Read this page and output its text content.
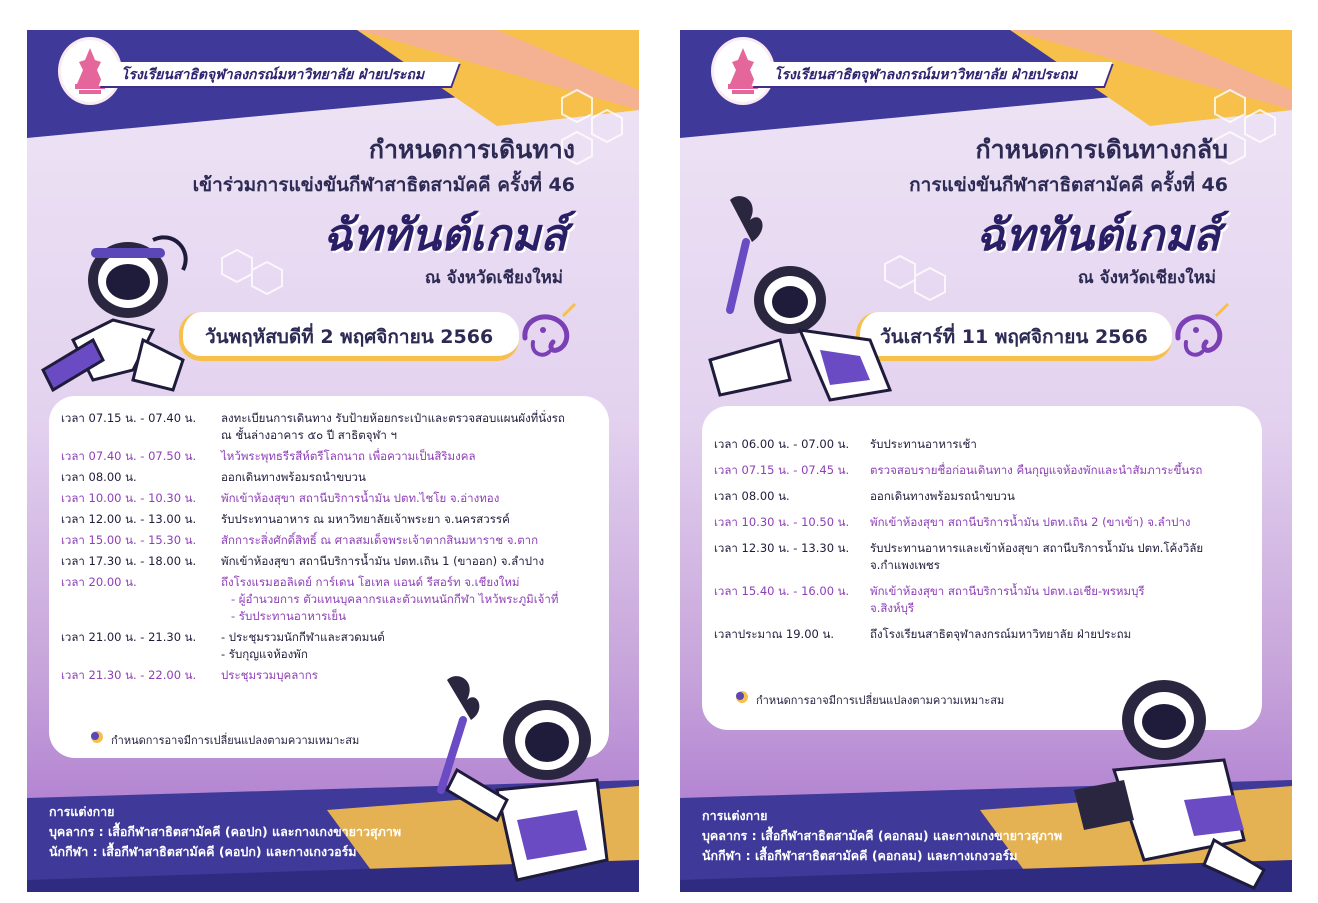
โรงเรียนสาธิตจุฬาลงกรณ์มหาวิทยาลัย ฝ่ายประถม
กำหนดการเดินทาง
เข้าร่วมการแข่งขันกีฬาสาธิตสามัคคี ครั้งที่ 46
ฉัททันต์เกมส์
ณ จังหวัดเชียงใหม่
วันพฤหัสบดีที่ 2 พฤศจิกายน 2566
เวลา 07.15 น. - 07.40 น. ลงทะเบียนการเดินทาง รับป้ายห้อยกระเป๋าและตรวจสอบแผนผังที่นั่งรถ
ณ ชั้นล่างอาคาร ๕๐ ปี สาธิตจุฬา ฯ
เวลา 07.40 น. - 07.50 น. ไหว้พระพุทธรีรสีห์ตรีโลกนาถ เพื่อความเป็นสิริมงคล
เวลา 08.00 น.	ออกเดินทางพร้อมรถนำขบวน
เวลา 10.00 น. - 10.30 น. พักเข้าห้องสุขา สถานีบริการน้ำมัน ปตท.ไชโย จ.อ่างทอง
เวลา 12.00 น. - 13.00 น. รับประทานอาหาร ณ มหาวิทยาลัยเจ้าพระยา จ.นครสวรรค์
เวลา 15.00 น. - 15.30 น. สักการะสิ่งศักดิ์สิทธิ์ ณ ศาลสมเด็จพระเจ้าตากสินมหาราช จ.ตาก
เวลา 17.30 น. - 18.00 น. พักเข้าห้องสุขา สถานีบริการน้ำมัน ปตท.เถิน 1 (ขาออก) จ.ลำปาง
เวลา 20.00 น.	ถึงโรงแรมฮอลิเดย์ การ์เดน โฮเทล แอนด์ รีสอร์ท จ.เชียงใหม่
- ผู้อำนวยการ ตัวแทนบุคลากรและตัวแทนนักกีฬา ไหว้พระภูมิเจ้าที่
- รับประทานอาหารเย็น
เวลา 21.00 น. - 21.30 น. - ประชุมรวมนักกีฬาและสวดมนต์
- รับกุญแจห้องพัก
เวลา 21.30 น. - 22.00 น. ประชุมรวมบุคลากร
กำหนดการอาจมีการเปลี่ยนแปลงตามความเหมาะสม
การแต่งกาย
บุคลากร : เสื้อกีฬาสาธิตสามัคคี (คอปก) และกางเกงขายาวสุภาพ
นักกีฬา : เสื้อกีฬาสาธิตสามัคคี (คอปก) และกางเกงวอร์ม
โรงเรียนสาธิตจุฬาลงกรณ์มหาวิทยาลัย ฝ่ายประถม
กำหนดการเดินทางกลับ
การแข่งขันกีฬาสาธิตสามัคคี ครั้งที่ 46
ฉัททันต์เกมส์
ณ จังหวัดเชียงใหม่
วันเสาร์ที่ 11 พฤศจิกายน 2566
เวลา 06.00 น. - 07.00 น. รับประทานอาหารเช้า
เวลา 07.15 น. - 07.45 น. ตรวจสอบรายชื่อก่อนเดินทาง คืนกุญแจห้องพักและนำสัมภาระขึ้นรถ
เวลา 08.00 น.	ออกเดินทางพร้อมรถนำขบวน
เวลา 10.30 น. - 10.50 น. พักเข้าห้องสุขา สถานีบริการน้ำมัน ปตท.เถิน 2 (ขาเข้า) จ.ลำปาง
เวลา 12.30 น. - 13.30 น. รับประทานอาหารและเข้าห้องสุขา สถานีบริการน้ำมัน ปตท.โค้งวิลัย
จ.กำแพงเพชร
เวลา 15.40 น. - 16.00 น. พักเข้าห้องสุขา สถานีบริการน้ำมัน ปตท.เอเชีย-พรหมบุรี
จ.สิงห์บุรี
เวลาประมาณ 19.00 น.	ถึงโรงเรียนสาธิตจุฬาลงกรณ์มหาวิทยาลัย ฝ่ายประถม
กำหนดการอาจมีการเปลี่ยนแปลงตามความเหมาะสม
การแต่งกาย
บุคลากร : เสื้อกีฬาสาธิตสามัคคี (คอกลม) และกางเกงขายาวสุภาพ
นักกีฬา : เสื้อกีฬาสาธิตสามัคคี (คอกลม) และกางเกงวอร์ม
